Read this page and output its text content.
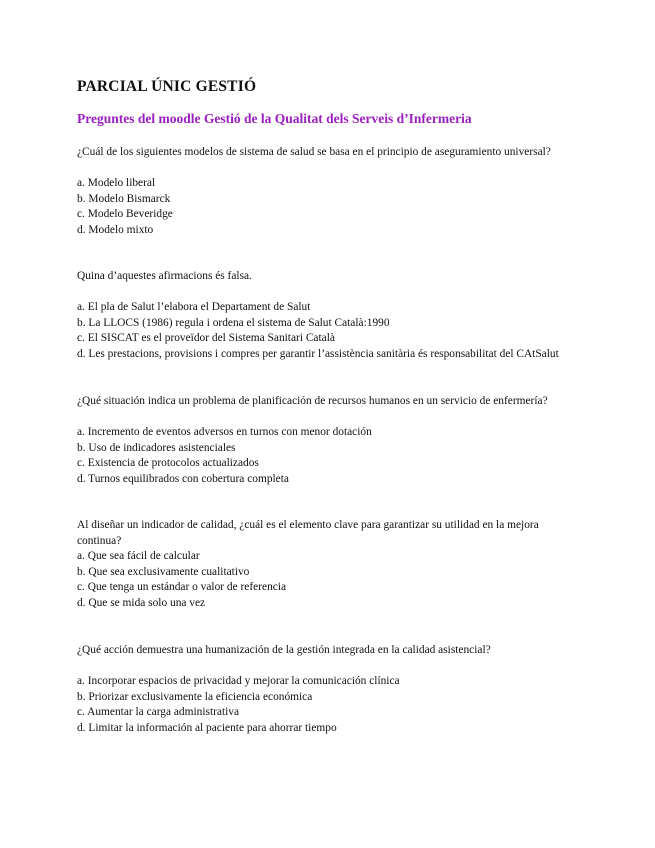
PARCIAL ÚNIC GESTIÓ
Preguntes del moodle Gestió de la Qualitat dels Serveis d’Infermeria

¿Cuál de los siguientes modelos de sistema de salud se basa en el principio de aseguramiento universal?

a. Modelo liberal
b. Modelo Bismarck
c. Modelo Beveridge
d. Modelo mixto

Quina d’aquestes afirmacions és falsa.

a. El pla de Salut l’elabora el Departament de Salut
b. La LLOCS (1986) regula i ordena el sistema de Salut Català:1990
c. El SISCAT es el proveïdor del Sistema Sanitari Català
d. Les prestacions, provisions i compres per garantir l’assistència sanitària és responsabilitat del CAtSalut

¿Qué situación indica un problema de planificación de recursos humanos en un servicio de enfermería?

a. Incremento de eventos adversos en turnos con menor dotación
b. Uso de indicadores asistenciales
c. Existencia de protocolos actualizados
d. Turnos equilibrados con cobertura completa

Al diseñar un indicador de calidad, ¿cuál es el elemento clave para garantizar su utilidad en la mejora continua?

a. Que sea fácil de calcular
b. Que sea exclusivamente cualitativo
c. Que tenga un estándar o valor de referencia
d. Que se mida solo una vez

¿Qué acción demuestra una humanización de la gestión integrada en la calidad asistencial?

a. Incorporar espacios de privacidad y mejorar la comunicación clínica
b. Priorizar exclusivamente la eficiencia económica
c. Aumentar la carga administrativa
d. Limitar la información al paciente para ahorrar tiempo
